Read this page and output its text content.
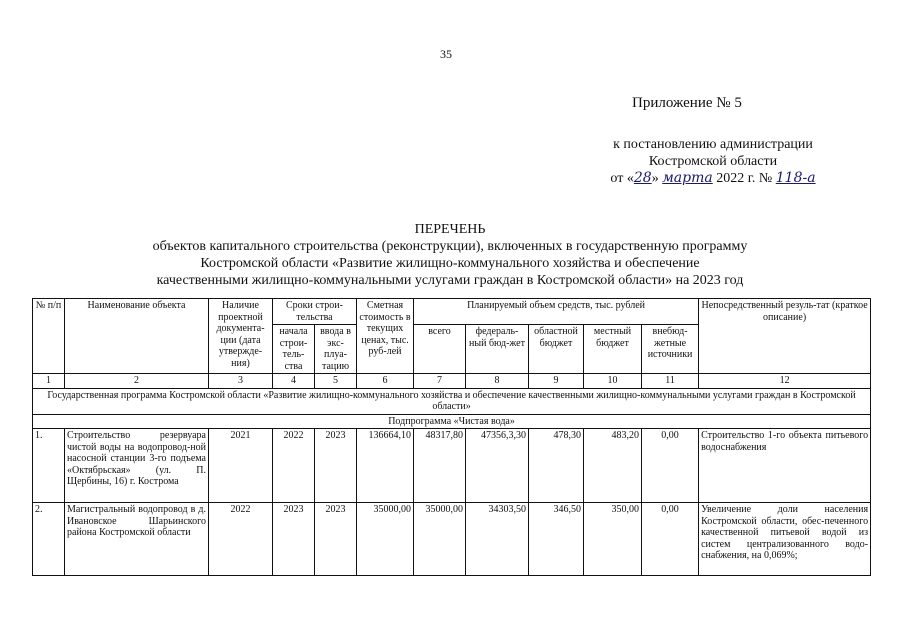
35
Приложение № 5
к постановлению администрации
Костромской области
от «28» марта 2022 г. № 118-а
ПЕРЕЧЕНЬ
объектов капитального строительства (реконструкции), включенных в государственную программу
Костромской области «Развитие жилищно-коммунального хозяйства и обеспечение
качественными жилищно-коммунальными услугами граждан в Костромской области» на 2023 год
№ п/п	Наименование объекта	Наличие проектной документа-ции (дата утвержде-ния)	Сроки строи-тельства		Сметная стоимость в текущих ценах, тыс. руб-лей	Планируемый объем средств, тыс. рублей					Непосредственный резуль-тат (краткое описание)
			начала строи-тель-ства	ввода в экс-плуа-тацию		всего	федераль-ный бюд-жет	областной бюджет	местный бюджет	внебюд-жетные источники	
1	2	3	4	5	6	7	8	9	10	11	12
Государственная программа Костромской области «Развитие жилищно-коммунального хозяйства и обеспечение качественными жилищно-коммунальными услугами граждан в Костромской области»											
Подпрограмма «Чистая вода»											
1.	Строительство резервуара чистой воды на водопровод-ной насосной станции 3-го подъема «Октябрьская» (ул. П. Щербины, 16) г. Кострома	2021	2022	2023	136664,10	48317,80	47356,3,30	478,30	483,20	0,00	Строительство 1-го объекта питьевого водоснабжения
2.	Магистральный водопровод в д. Ивановское Шарьинского района Костромской области	2022	2023	2023	35000,00	35000,00	34303,50	346,50	350,00	0,00	Увеличение доли населения Костромской области, обес-печенного качественной питьевой водой из систем централизованного водо-снабжения, на 0,069%;
